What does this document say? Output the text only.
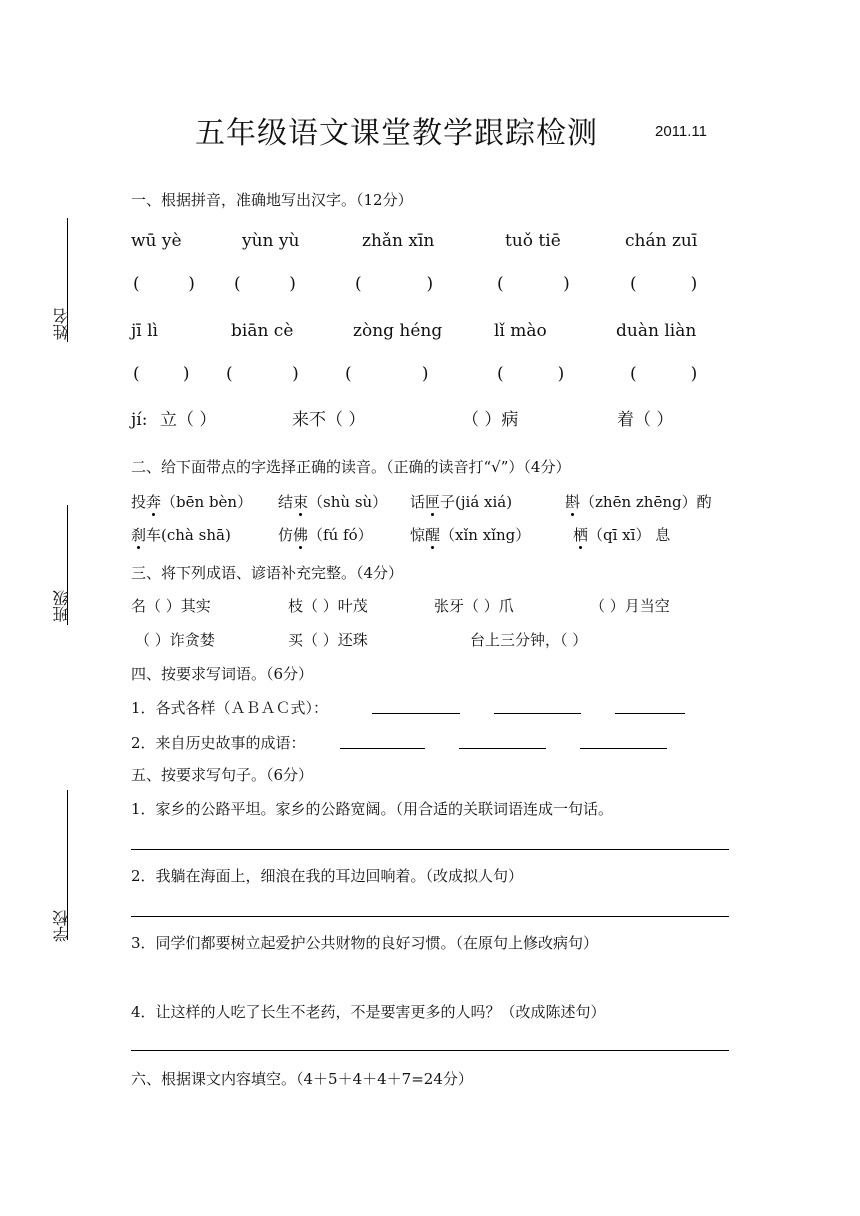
五年级语文课堂教学跟踪检测	2011.11
姓名
班级
学校
一、根据拼音，准确地写出汉字。（12分）
wū yè	yùn yù	zhǎn xīn	tuǒ tiē	chán zuī
(         ) (         )	(            )	(           )	(          )
jī lì	biān cè	zòng héng	lǐ mào	duàn liàn
(        ) (           )	(             )	(          )	(          )
jí: 立（ ）	来不（ ）	（ ）病	着（ ）
二、给下面带点的字选择正确的读音。（正确的读音打“√”）（4分）
投奔（bēn bèn） 结束（shù sù） 话匣子(jiá xiá)	斟（zhēn zhēng）酌
刹车(chà shā)	仿佛（fú fó） 惊醒（xǐn xǐng）	栖（qī xī） 息
三、将下列成语、谚语补充完整。（4分）
名（ ）其实	枝（ ）叶茂	张牙（ ）爪	（ ）月当空
（ ）诈贪婪	买（ ）还珠	台上三分钟，（ ）
四、按要求写词语。（6分）
1．各式各样（ＡＢＡＣ式）：
2．来自历史故事的成语：
五、按要求写句子。（6分）
1．家乡的公路平坦。家乡的公路宽阔。（用合适的关联词语连成一句话。
2．我躺在海面上，细浪在我的耳边回响着。（改成拟人句）
3．同学们都要树立起爱护公共财物的良好习惯。（在原句上修改病句）
4．让这样的人吃了长生不老药，不是要害更多的人吗？（改成陈述句）
六、根据课文内容填空。（4＋5＋4＋4＋7=24分）
